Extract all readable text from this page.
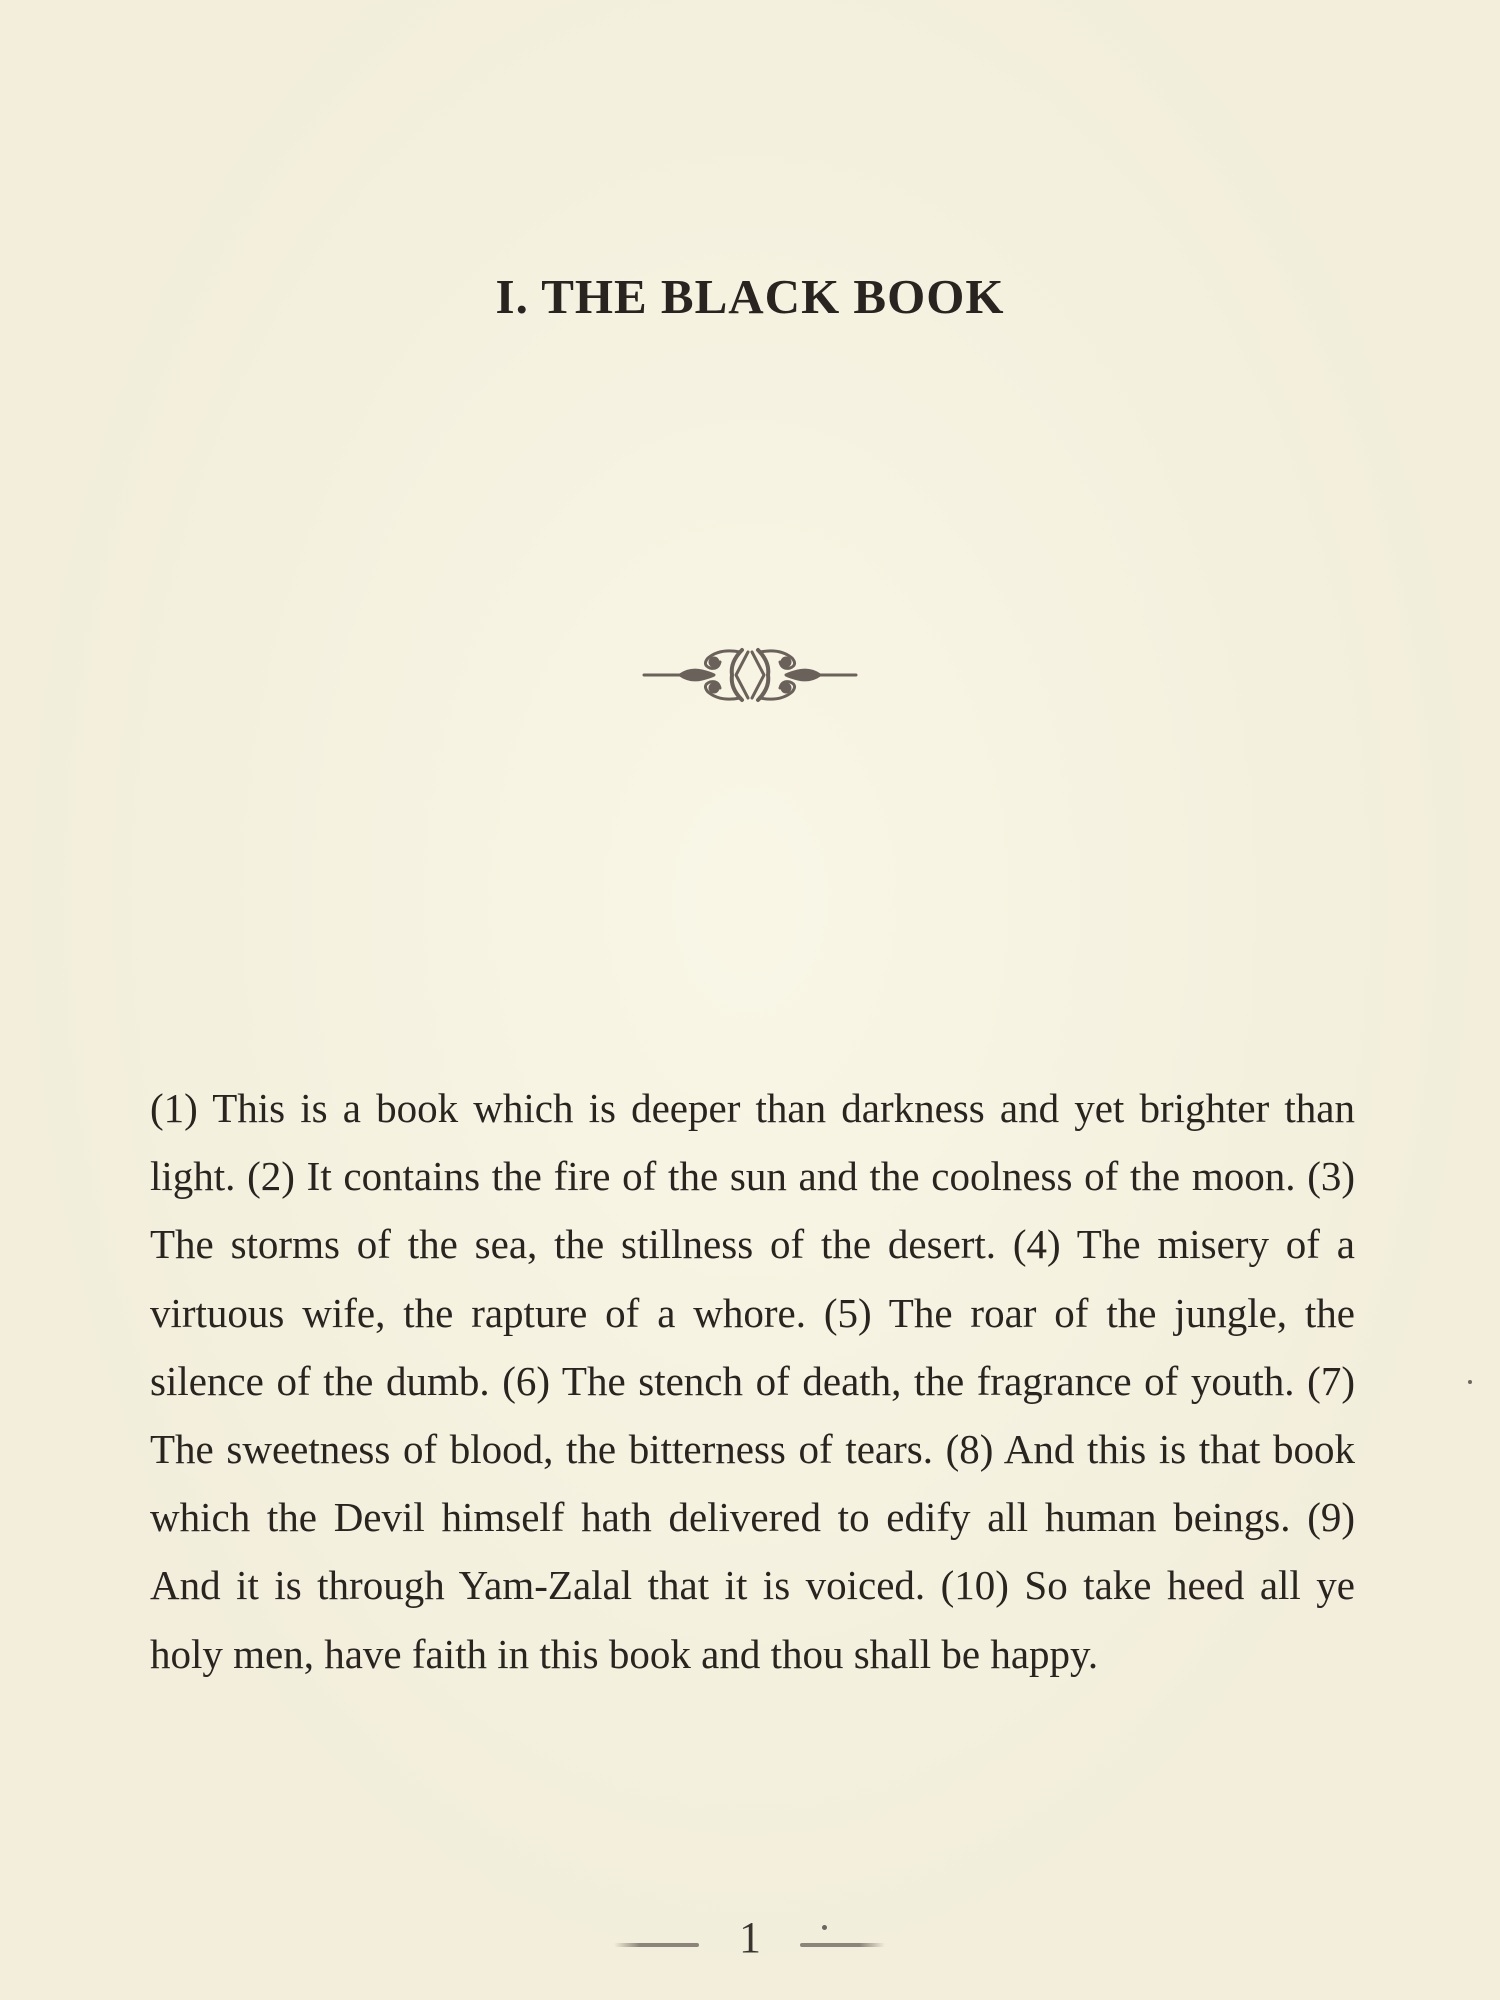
I. THE BLACK BOOK
(1) This is a book which is deeper than darkness and yet brighter than light. (2) It contains the fire of the sun and the coolness of the moon. (3) The storms of the sea, the stillness of the desert. (4) The misery of a virtuous wife, the rapture of a whore. (5) The roar of the jungle, the silence of the dumb. (6) The stench of death, the fragrance of youth. (7) The sweetness of blood, the bitterness of tears. (8) And this is that book which the Devil himself hath delivered to edify all human beings. (9) And it is through Yam-Zalal that it is voiced. (10) So take heed all ye holy men, have faith in this book and thou shall be happy.
1
